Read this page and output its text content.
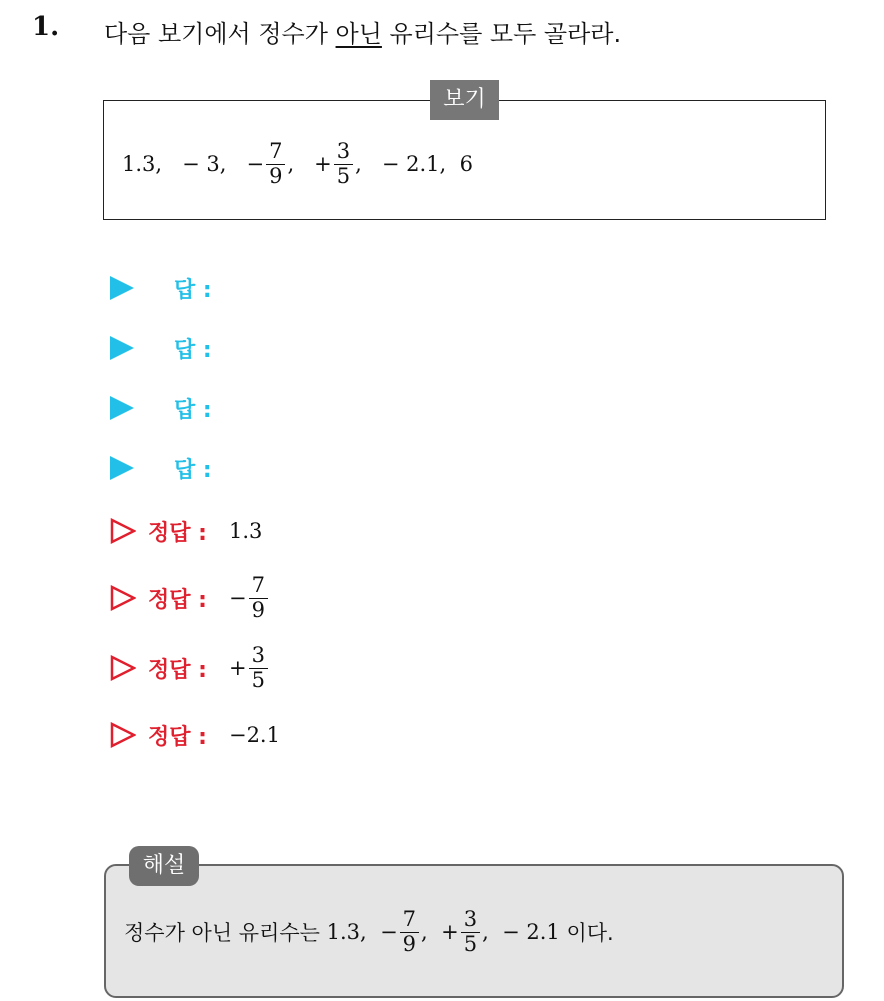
1. 다음 보기에서 정수가 아닌 유리수를 모두 골라라.
보기
1.3,
− 3,
− $\frac{7}{9}$ ,
+ $\frac{3}{5}$ ,
− 2.1,
6
답 :
답 :
답 :
답 :
정답 : 1.3
정답 : − $\frac{7}{9}$
정답 : + $\frac{3}{5}$
정답 : −2.1
해설
정수가 아닌 유리수는
1.3,
− $\frac{7}{9}$ ,
+ $\frac{3}{5}$ ,
− 2.1
이다.
